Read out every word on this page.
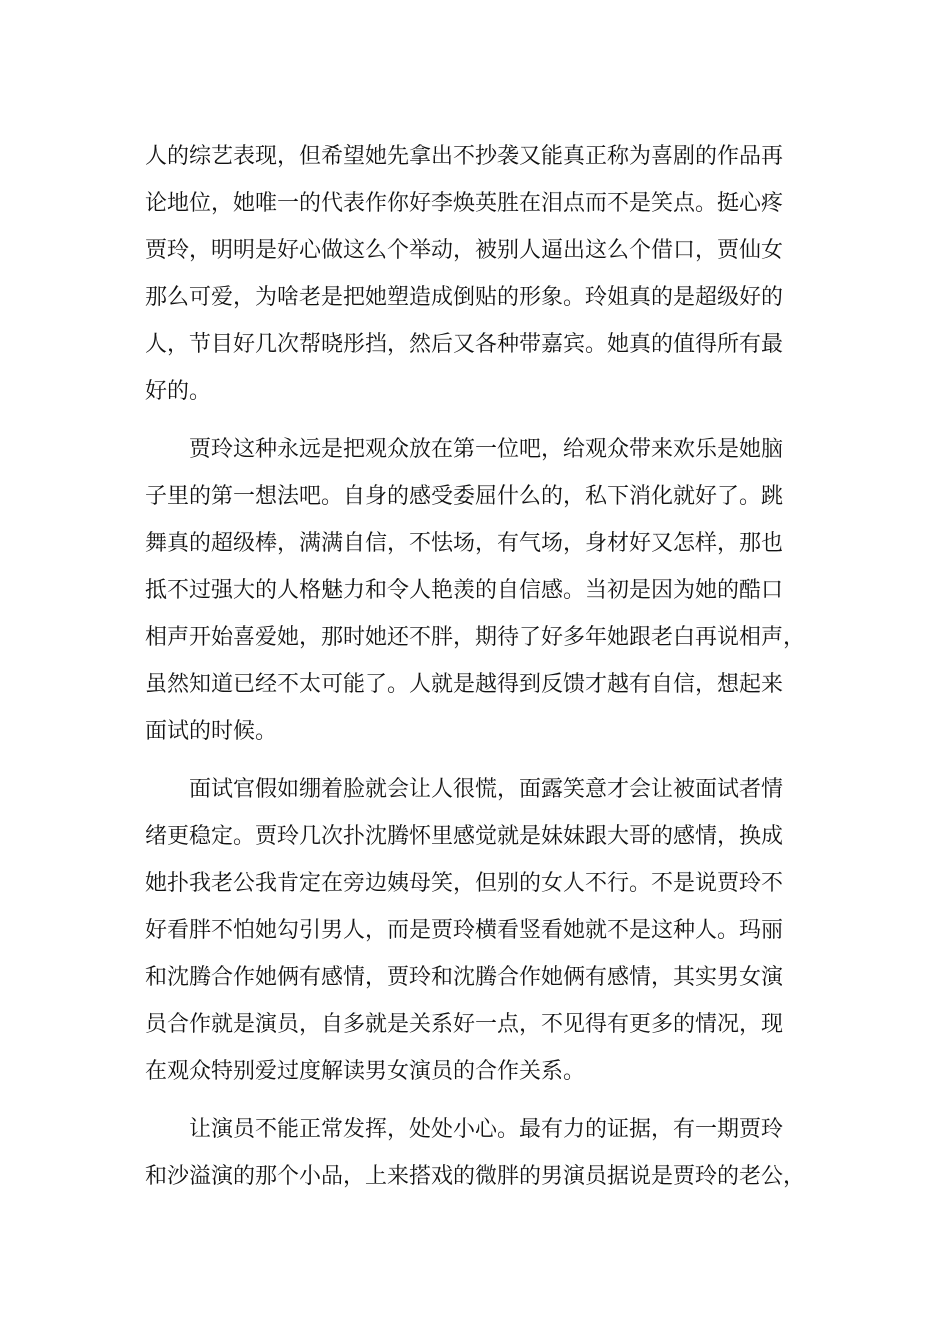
人的综艺表现，但希望她先拿出不抄袭又能真正称为喜剧的作品再
论地位，她唯一的代表作你好李焕英胜在泪点而不是笑点。挺心疼
贾玲，明明是好心做这么个举动，被别人逼出这么个借口，贾仙女
那么可爱，为啥老是把她塑造成倒贴的形象。玲姐真的是超级好的
人，节目好几次帮晓彤挡，然后又各种带嘉宾。她真的值得所有最
好的。

贾玲这种永远是把观众放在第一位吧，给观众带来欢乐是她脑
子里的第一想法吧。自身的感受委屈什么的，私下消化就好了。跳
舞真的超级棒，满满自信，不怯场，有气场，身材好又怎样，那也
抵不过强大的人格魅力和令人艳羡的自信感。当初是因为她的酷口
相声开始喜爱她，那时她还不胖，期待了好多年她跟老白再说相声，
虽然知道已经不太可能了。人就是越得到反馈才越有自信，想起来
面试的时候。

面试官假如绷着脸就会让人很慌，面露笑意才会让被面试者情
绪更稳定。贾玲几次扑沈腾怀里感觉就是妹妹跟大哥的感情，换成
她扑我老公我肯定在旁边姨母笑，但别的女人不行。不是说贾玲不
好看胖不怕她勾引男人，而是贾玲横看竖看她就不是这种人。玛丽
和沈腾合作她俩有感情，贾玲和沈腾合作她俩有感情，其实男女演
员合作就是演员，自多就是关系好一点，不见得有更多的情况，现
在观众特别爱过度解读男女演员的合作关系。

让演员不能正常发挥，处处小心。最有力的证据，有一期贾玲
和沙溢演的那个小品，上来搭戏的微胖的男演员据说是贾玲的老公，
